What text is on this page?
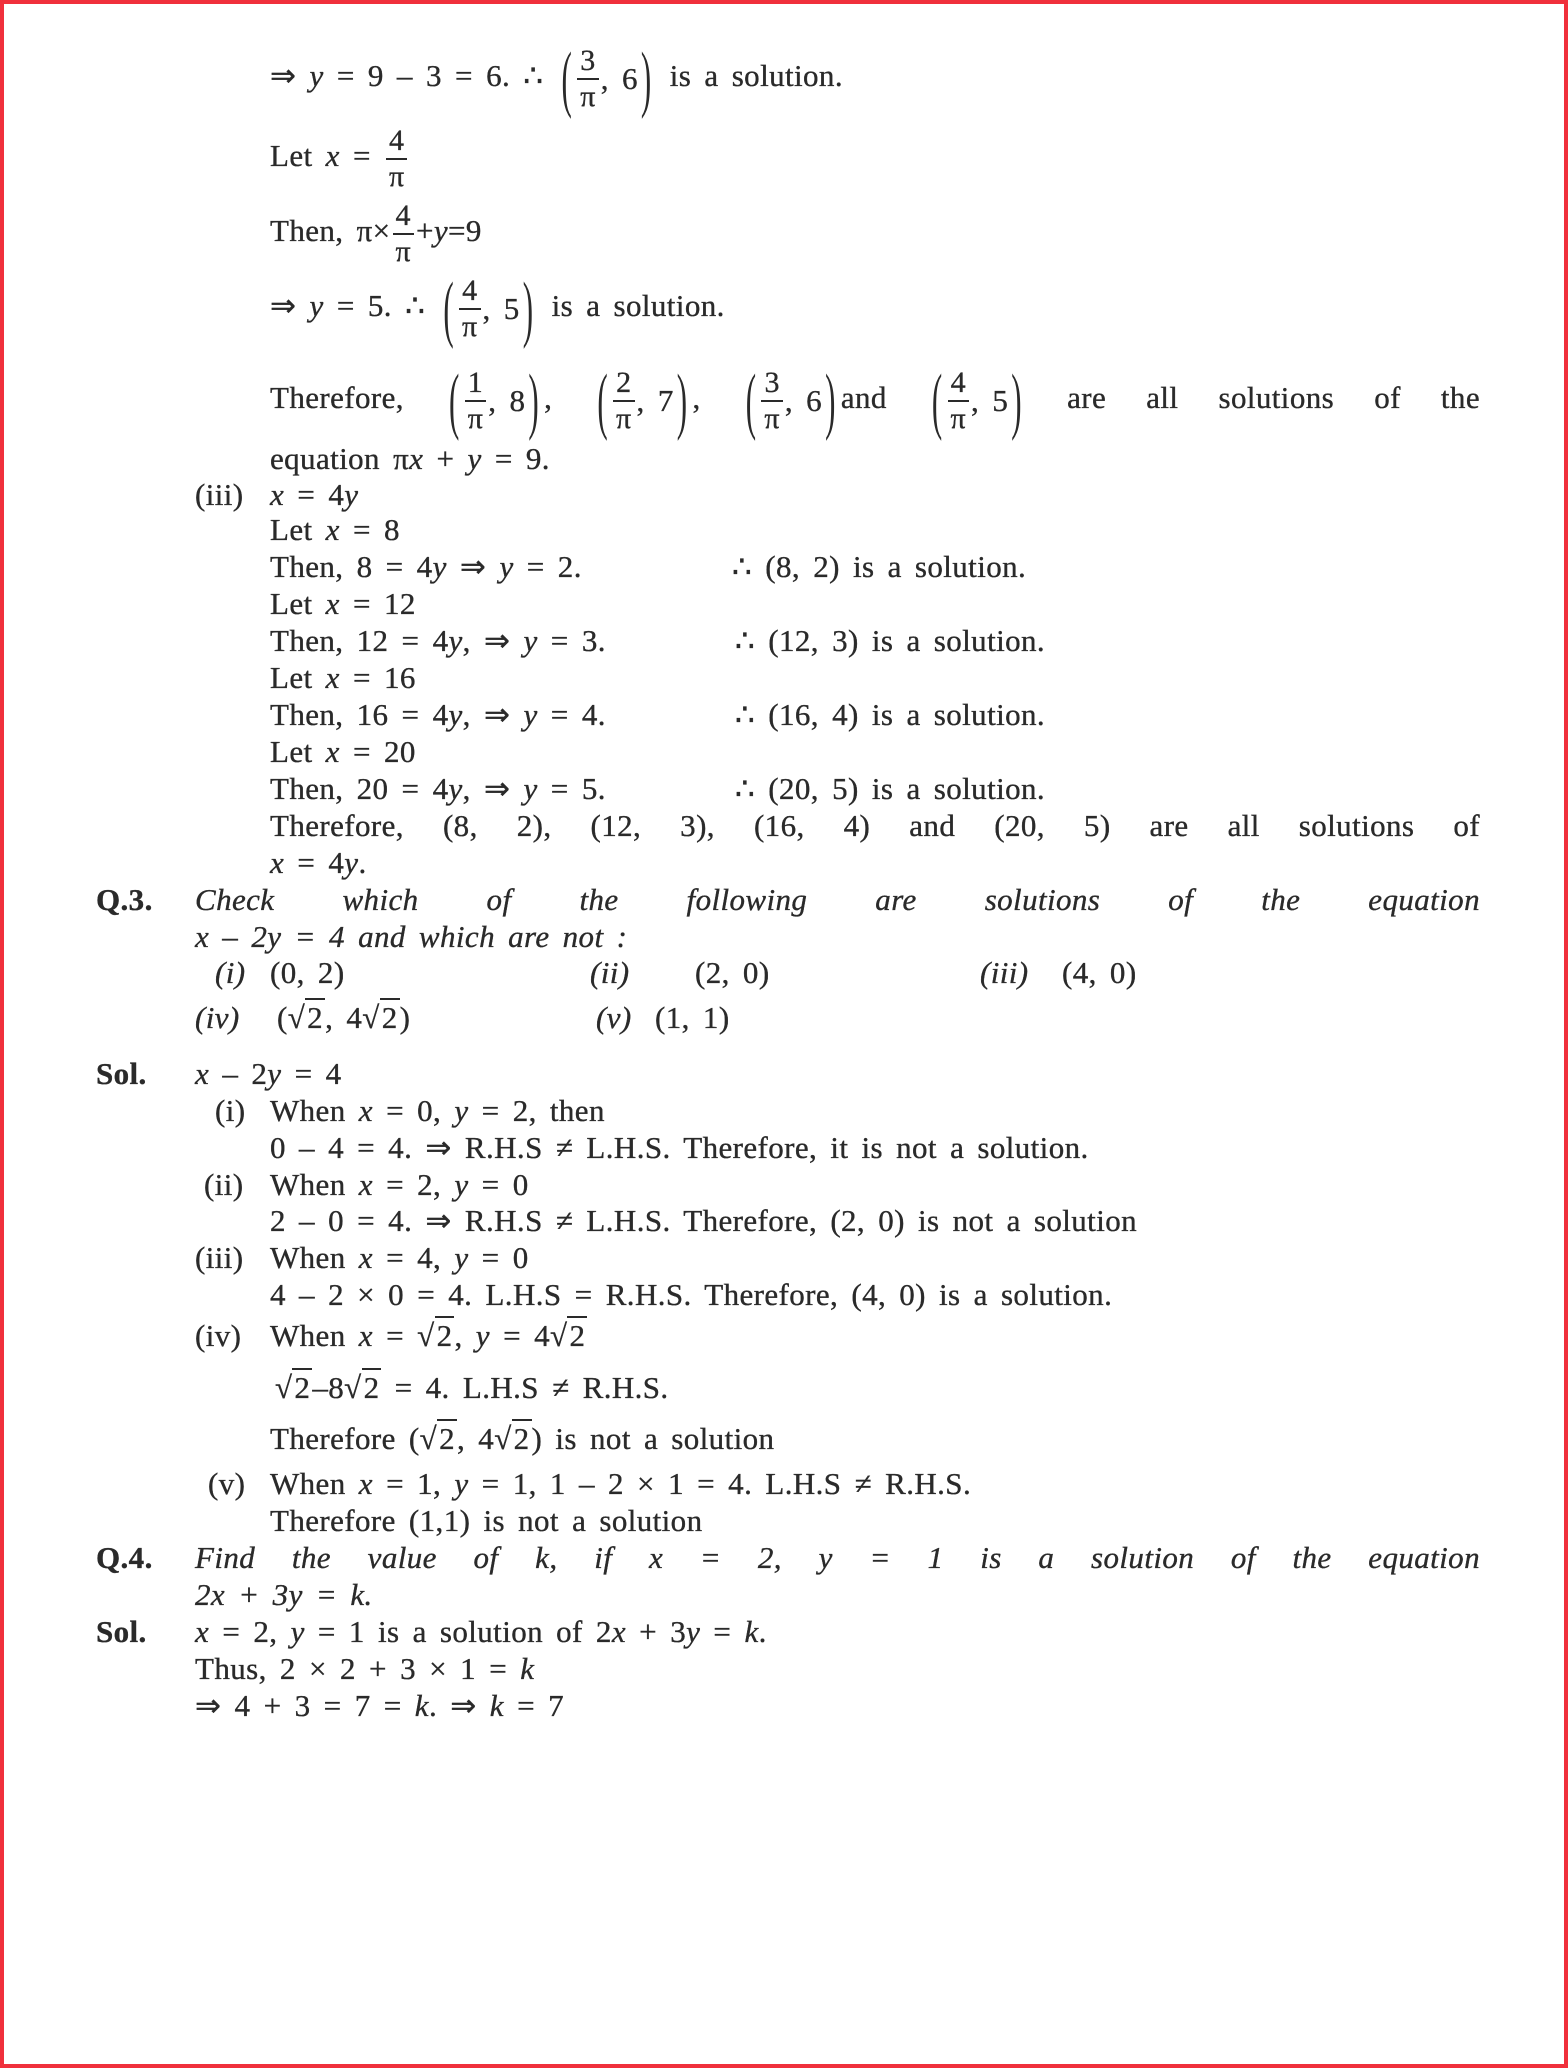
⇒ y = 9 – 3 = 6. ∴ ( $\frac{3}{\pi}$ , 6 ) is a solution.
Let $x = \frac{4}{\pi}$
Then, $\pi\times \frac{4}{\pi} +y=9$
⇒ y = 5. ∴ ( $\frac{4}{\pi}$ , 5 ) is a solution.
Therefore, ( $\frac{1}{\pi}$ , 8 ) , ( $\frac{2}{\pi}$ , 7 ) , ( $\frac{3}{\pi}$ , 6 ) and ( $\frac{4}{\pi}$ , 5 ) are all solutions of the
equation πx + y = 9.
(iii) x = 4y
Let x = 8
Then, 8 = 4y ⇒ y = 2.	∴ (8, 2) is a solution.
Let x = 12
Then, 12 = 4y, ⇒ y = 3.	∴ (12, 3) is a solution.
Let x = 16
Then, 16 = 4y, ⇒ y = 4.	∴ (16, 4) is a solution.
Let x = 20
Then, 20 = 4y, ⇒ y = 5.	∴ (20, 5) is a solution.
Therefore, (8, 2), (12, 3), (16, 4) and (20, 5) are all solutions of
x = 4y.
Q.3. Check which of the following are solutions of the equation
x – 2y = 4 and which are not :
(i) (0, 2)	(ii) (2, 0)	(iii) (4, 0)
(iv) (√2, 4√2)	(v) (1, 1)
Sol. x – 2y = 4
(i) When x = 0, y = 2, then
0 – 4 = 4. ⇒ R.H.S ≠ L.H.S. Therefore, it is not a solution.
(ii) When x = 2, y = 0
2 – 0 = 4. ⇒ R.H.S ≠ L.H.S. Therefore, (2, 0) is not a solution
(iii) When x = 4, y = 0
4 – 2 × 0 = 4. L.H.S = R.H.S. Therefore, (4, 0) is a solution.
(iv) When x = √2, y = 4√2
√2–8√2 = 4. L.H.S ≠ R.H.S.
Therefore (√2, 4√2) is not a solution
(v) When x = 1, y = 1, 1 – 2 × 1 = 4. L.H.S ≠ R.H.S.
Therefore (1,1) is not a solution
Q.4. Find the value of k, if x = 2, y = 1 is a solution of the equation
2x + 3y = k.
Sol. x = 2, y = 1 is a solution of 2x + 3y = k.
Thus, 2 × 2 + 3 × 1 = k
⇒ 4 + 3 = 7 = k. ⇒ k = 7
